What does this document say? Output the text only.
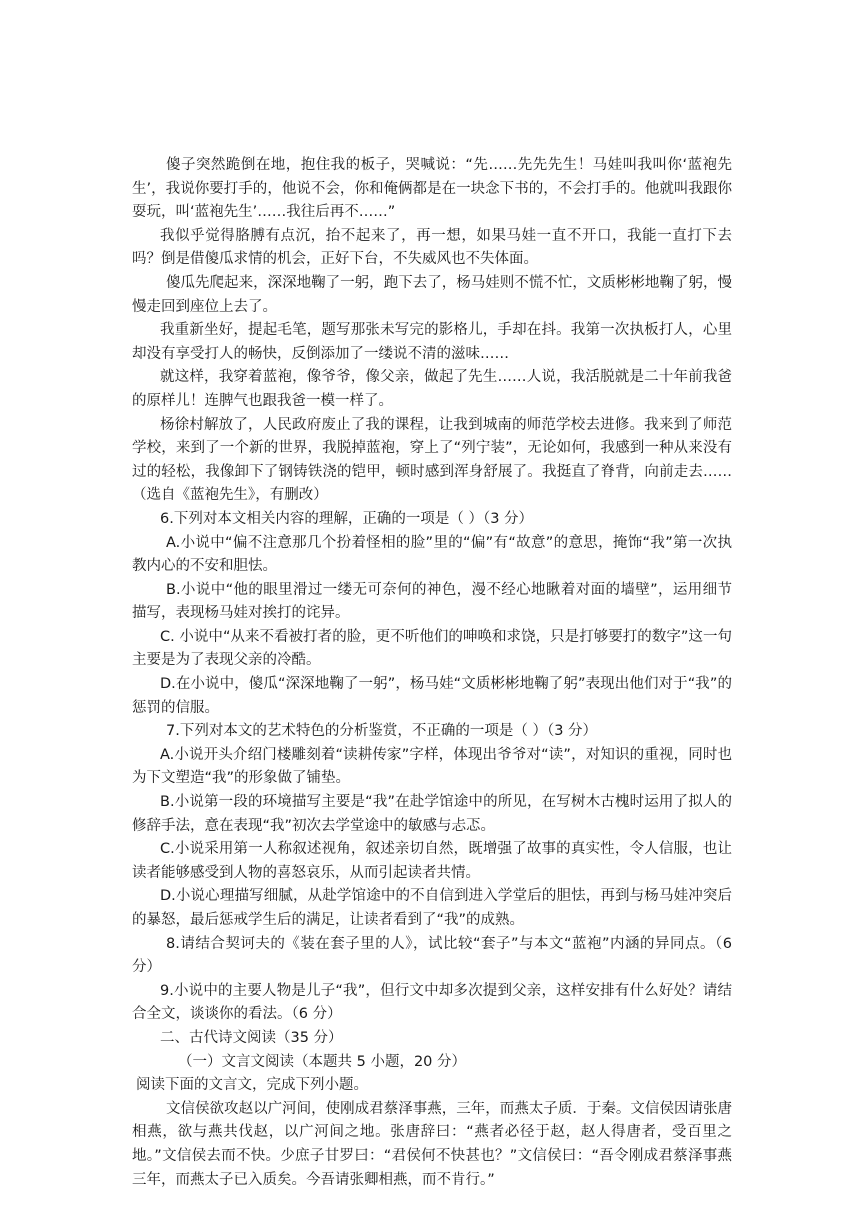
傻子突然跪倒在地，抱住我的板子，哭喊说：“先……先先先生！马娃叫我叫你‘蓝袍先生’，我说你要打手的，他说不会，你和俺俩都是在一块念下书的，不会打手的。他就叫我跟你耍玩，叫‘蓝袍先生’……我往后再不……”

我似乎觉得胳膊有点沉，抬不起来了，再一想，如果马娃一直不开口，我能一直打下去吗？倒是借傻瓜求情的机会，正好下台，不失威风也不失体面。

傻瓜先爬起来，深深地鞠了一躬，跑下去了，杨马娃则不慌不忙，文质彬彬地鞠了躬，慢慢走回到座位上去了。

我重新坐好，提起毛笔，题写那张未写完的影格儿，手却在抖。我第一次执板打人，心里却没有享受打人的畅快，反倒添加了一缕说不清的滋味……

就这样，我穿着蓝袍，像爷爷，像父亲，做起了先生……人说，我活脱就是二十年前我爸的原样儿！连脾气也跟我爸一模一样了。

杨徐村解放了，人民政府废止了我的课程，让我到城南的师范学校去进修。我来到了师范学校，来到了一个新的世界，我脱掉蓝袍，穿上了“列宁装”，无论如何，我感到一种从来没有过的轻松，我像卸下了钢铸铁浇的铠甲，顿时感到浑身舒展了。我挺直了脊背，向前走去……（选自《蓝袍先生》，有删改）

6.下列对本文相关内容的理解，正确的一项是（ ）（3 分）

A.小说中“偏不注意那几个扮着怪相的脸”里的“偏”有“故意”的意思，掩饰“我”第一次执教内心的不安和胆怯。

B.小说中“他的眼里滑过一缕无可奈何的神色，漫不经心地瞅着对面的墙壁”，运用细节描写，表现杨马娃对挨打的诧异。

C. 小说中“从来不看被打者的脸，更不听他们的呻唤和求饶，只是打够要打的数字”这一句主要是为了表现父亲的冷酷。

D.在小说中，傻瓜“深深地鞠了一躬”，杨马娃“文质彬彬地鞠了躬”表现出他们对于“我”的惩罚的信服。

7.下列对本文的艺术特色的分析鉴赏，不正确的一项是（ ）（3 分）

A.小说开头介绍门楼雕刻着“读耕传家”字样，体现出爷爷对“读”，对知识的重视，同时也为下文塑造“我”的形象做了铺垫。

B.小说第一段的环境描写主要是“我”在赴学馆途中的所见，在写树木古槐时运用了拟人的修辞手法，意在表现“我”初次去学堂途中的敏感与忐忑。

C.小说采用第一人称叙述视角，叙述亲切自然，既增强了故事的真实性，令人信服，也让读者能够感受到人物的喜怒哀乐，从而引起读者共情。

D.小说心理描写细腻，从赴学馆途中的不自信到进入学堂后的胆怯，再到与杨马娃冲突后的暴怒，最后惩戒学生后的满足，让读者看到了“我”的成熟。

8.请结合契诃夫的《装在套子里的人》，试比较“套子”与本文“蓝袍”内涵的异同点。（6 分）

9.小说中的主要人物是儿子“我”，但行文中却多次提到父亲，这样安排有什么好处？请结合全文，谈谈你的看法。（6 分）

二、古代诗文阅读（35 分）

（一）文言文阅读（本题共 5 小题，20 分）

阅读下面的文言文，完成下列小题。

文信侯欲攻赵以广河间，使刚成君蔡泽事燕，三年，而燕太子质．于秦。文信侯因请张唐相燕，欲与燕共伐赵，以广河间之地。张唐辞曰：“燕者必径于赵，赵人得唐者，受百里之地。”文信侯去而不快。少庶子甘罗曰：“君侯何不快甚也？”文信侯曰：“吾令刚成君蔡泽事燕三年，而燕太子已入质矣。今吾请张卿相燕，而不肯行。”
